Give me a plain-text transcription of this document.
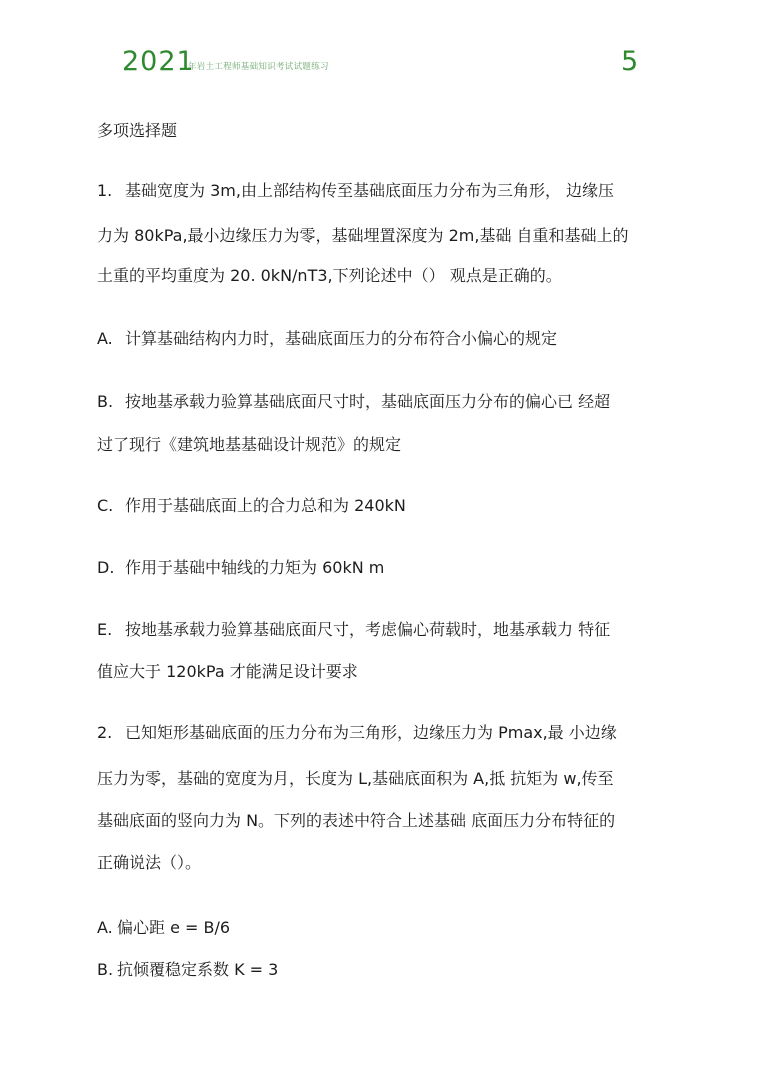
2021
年岩土工程师基础知识考试试题练习	5
多项选择题
1. 基础宽度为 3m,由上部结构传至基础底面压力分布为三角形， 边缘压
力为 80kPa,最小边缘压力为零，基础埋置深度为 2m,基础 自重和基础上的
土重的平均重度为 20. 0kN/nT3,下列论述中（） 观点是正确的。
A. 计算基础结构内力时，基础底面压力的分布符合小偏心的规定
B. 按地基承载力验算基础底面尺寸时，基础底面压力分布的偏心已 经超
过了现行《建筑地基基础设计规范》的规定
C. 作用于基础底面上的合力总和为 240kN
D. 作用于基础中轴线的力矩为 60kN m
E. 按地基承载力验算基础底面尺寸，考虑偏心荷载时，地基承载力 特征
值应大于 120kPa 才能满足设计要求
2. 已知矩形基础底面的压力分布为三角形，边缘压力为 Pmax,最 小边缘
压力为零，基础的宽度为月，长度为 L,基础底面积为 A,抵 抗矩为 w,传至
基础底面的竖向力为 N。下列的表述中符合上述基础 底面压力分布特征的
正确说法（）。
A. 偏心距 e = B/6
B. 抗倾覆稳定系数 K = 3
